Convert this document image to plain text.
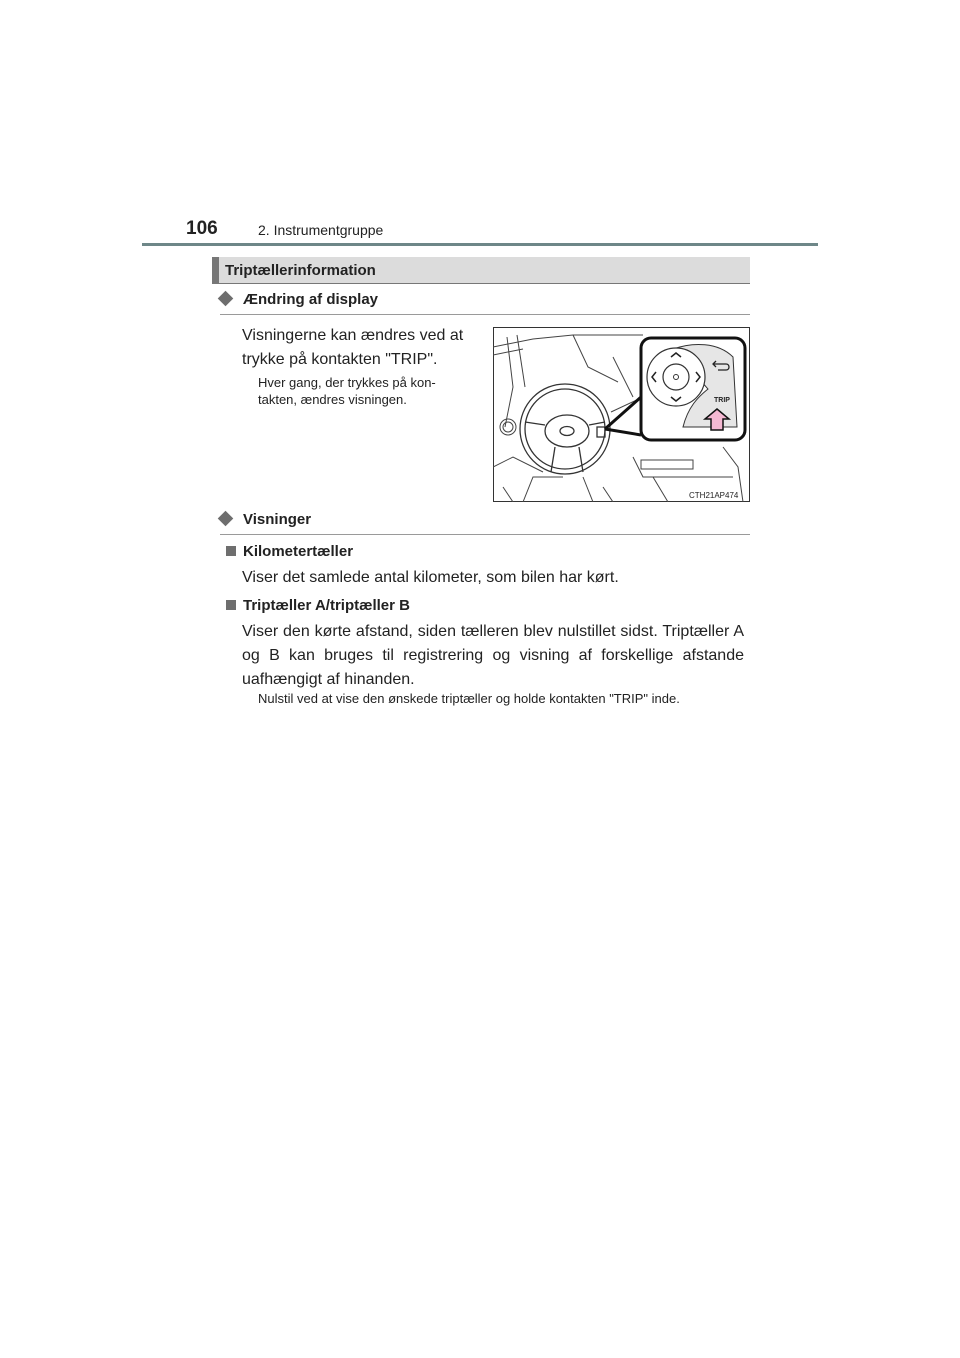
106	2. Instrumentgruppe
Triptællerinformation
Ændring af display
Visningerne kan ændres ved at
trykke på kontakten "TRIP".
Hver gang, der trykkes på kon-
takten, ændres visningen.	TRIP
CTH21AP474
Visninger
Kilometertæller
Viser det samlede antal kilometer, som bilen har kørt.
Triptæller A/triptæller B
Viser den kørte afstand, siden tælleren blev nulstillet sidst. Triptæller A og B kan bruges til registrering og visning af forskellige afstande uafhængigt af hinanden.
Nulstil ved at vise den ønskede triptæller og holde kontakten "TRIP" inde.
